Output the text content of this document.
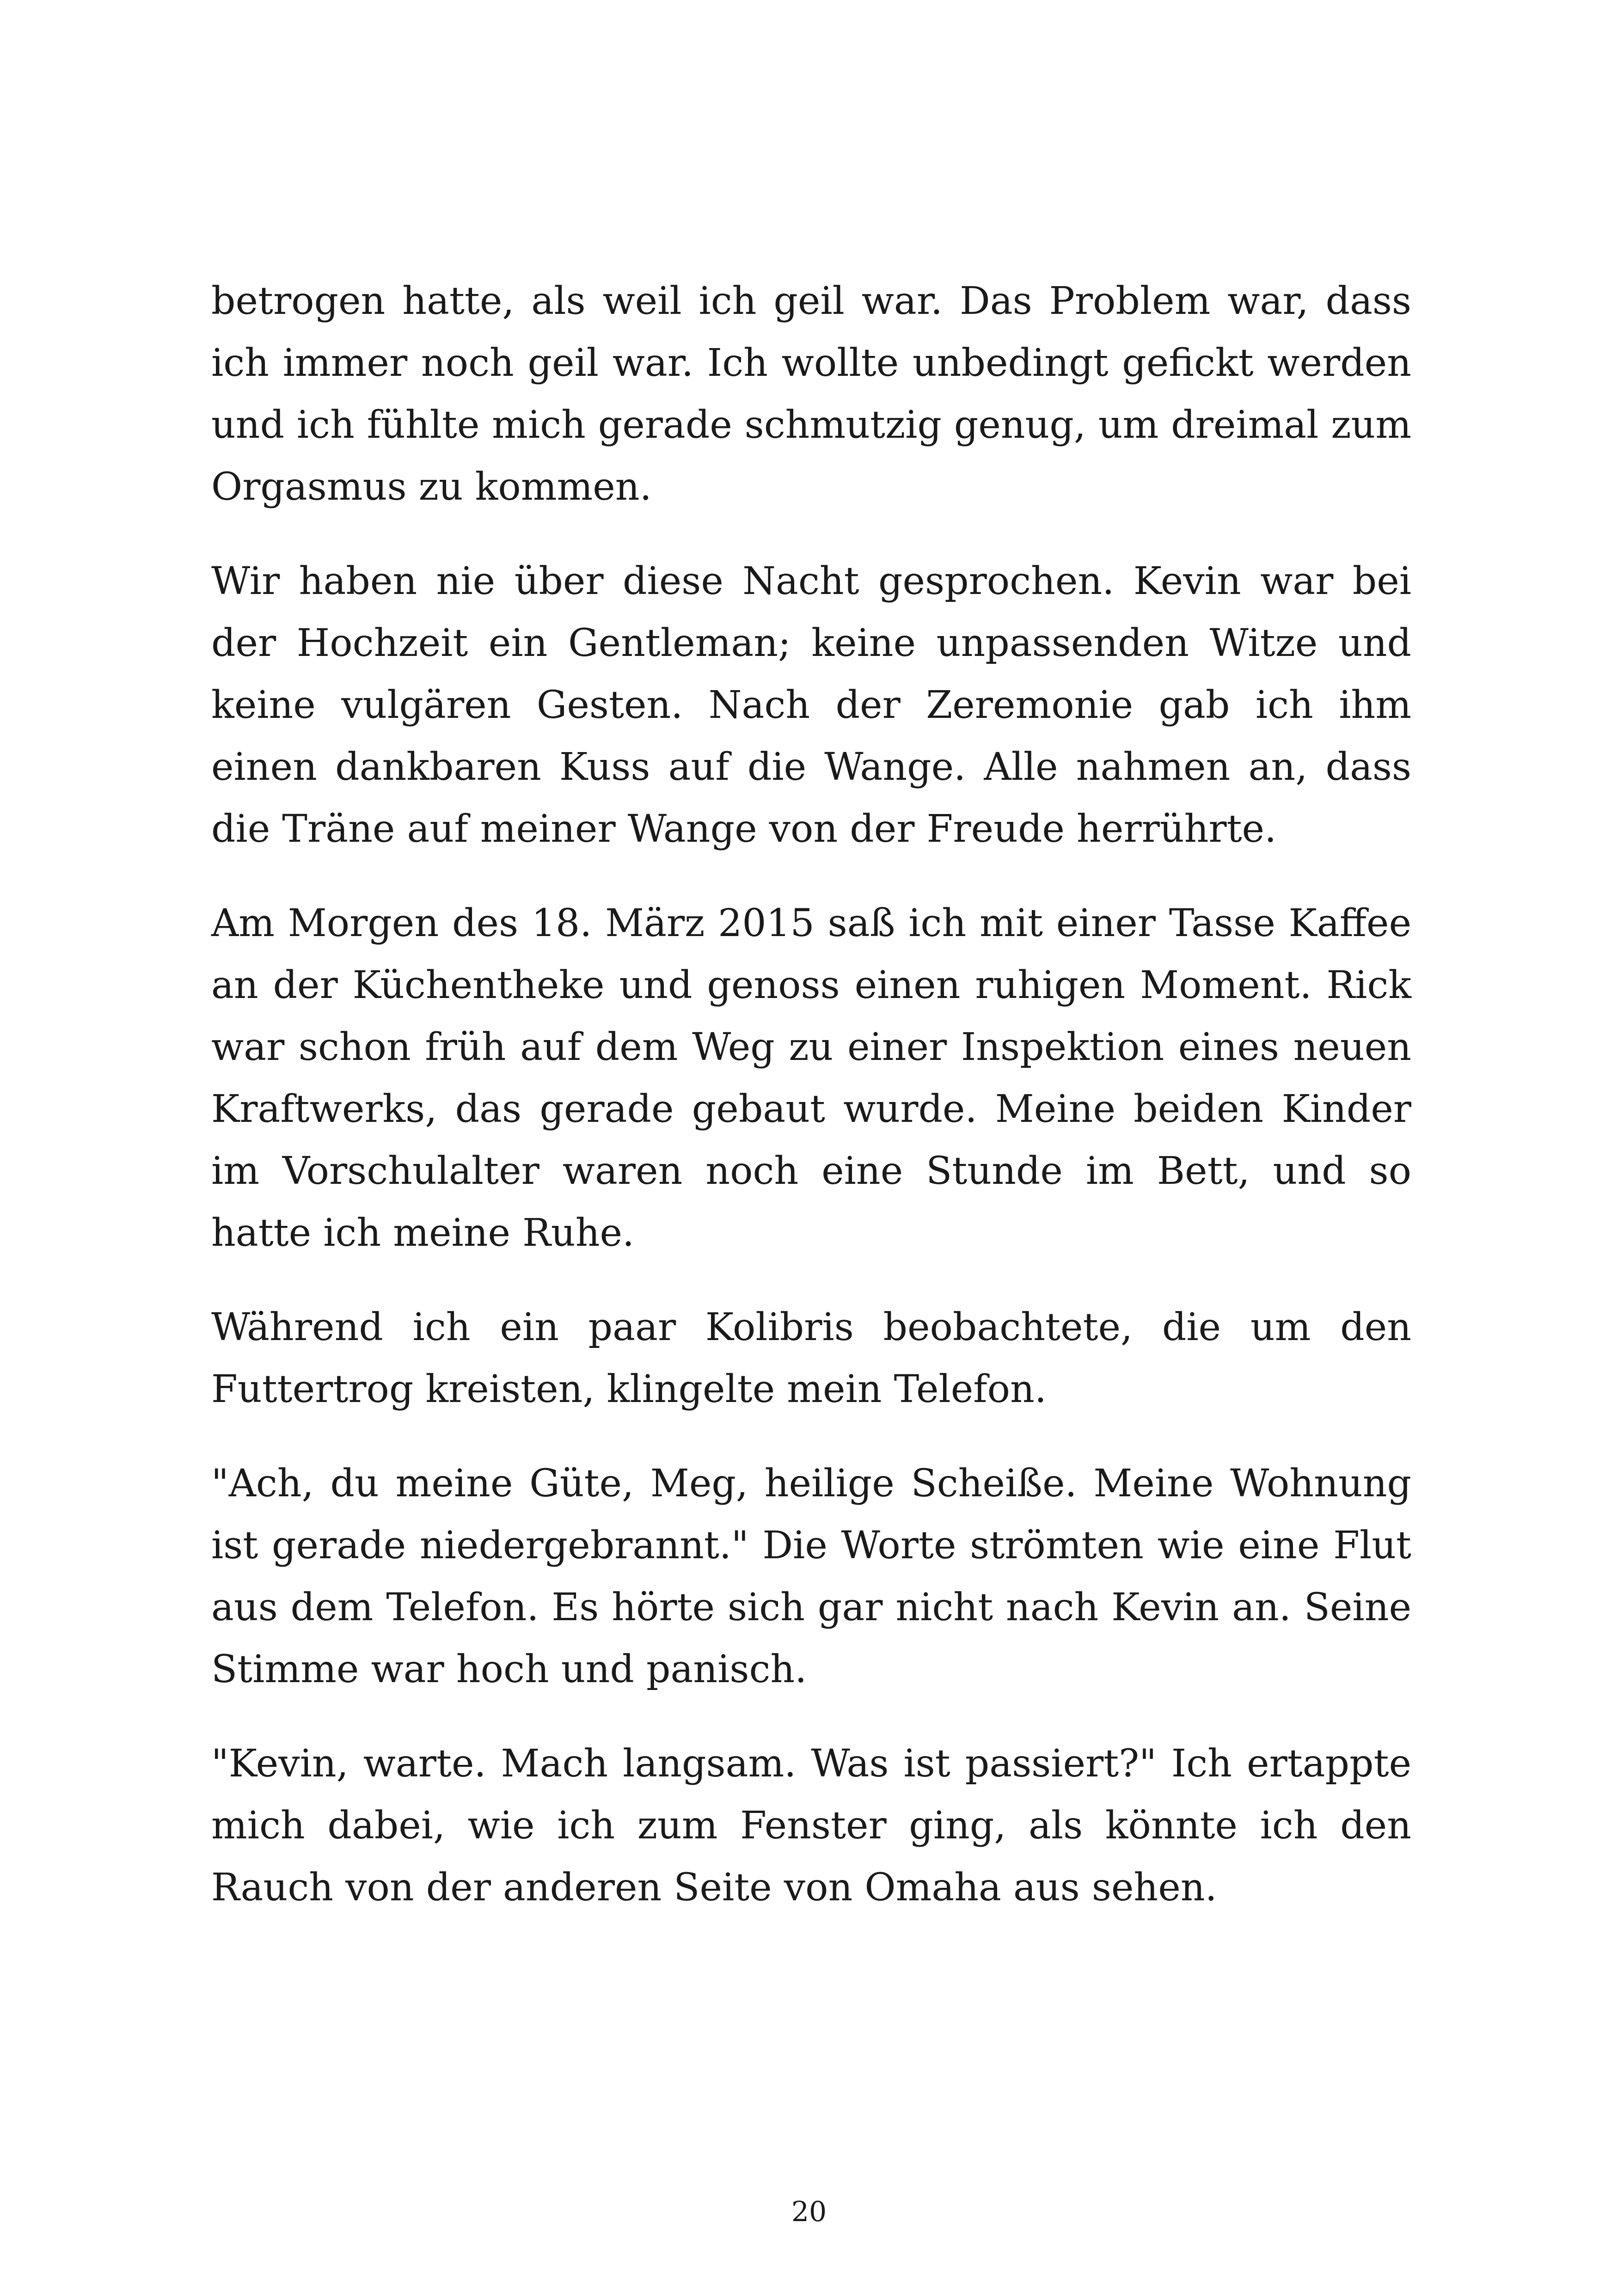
betrogen hatte, als weil ich geil war. Das Problem war, dass ich immer noch geil war. Ich wollte unbedingt gefickt werden und ich fühlte mich gerade schmutzig genug, um dreimal zum Orgasmus zu kommen.

Wir haben nie über diese Nacht gesprochen. Kevin war bei der Hochzeit ein Gentleman; keine unpassenden Witze und keine vulgären Gesten. Nach der Zeremonie gab ich ihm einen dankbaren Kuss auf die Wange. Alle nahmen an, dass die Träne auf meiner Wange von der Freude herrührte.

Am Morgen des 18. März 2015 saß ich mit einer Tasse Kaffee an der Küchentheke und genoss einen ruhigen Moment. Rick war schon früh auf dem Weg zu einer Inspektion eines neuen Kraftwerks, das gerade gebaut wurde. Meine beiden Kinder im Vorschulalter waren noch eine Stunde im Bett, und so hatte ich meine Ruhe.

Während ich ein paar Kolibris beobachtete, die um den Futtertrog kreisten, klingelte mein Telefon.

"Ach, du meine Güte, Meg, heilige Scheiße. Meine Wohnung ist gerade niedergebrannt." Die Worte strömten wie eine Flut aus dem Telefon. Es hörte sich gar nicht nach Kevin an. Seine Stimme war hoch und panisch.

"Kevin, warte. Mach langsam. Was ist passiert?" Ich ertappte mich dabei, wie ich zum Fenster ging, als könnte ich den Rauch von der anderen Seite von Omaha aus sehen.

20
